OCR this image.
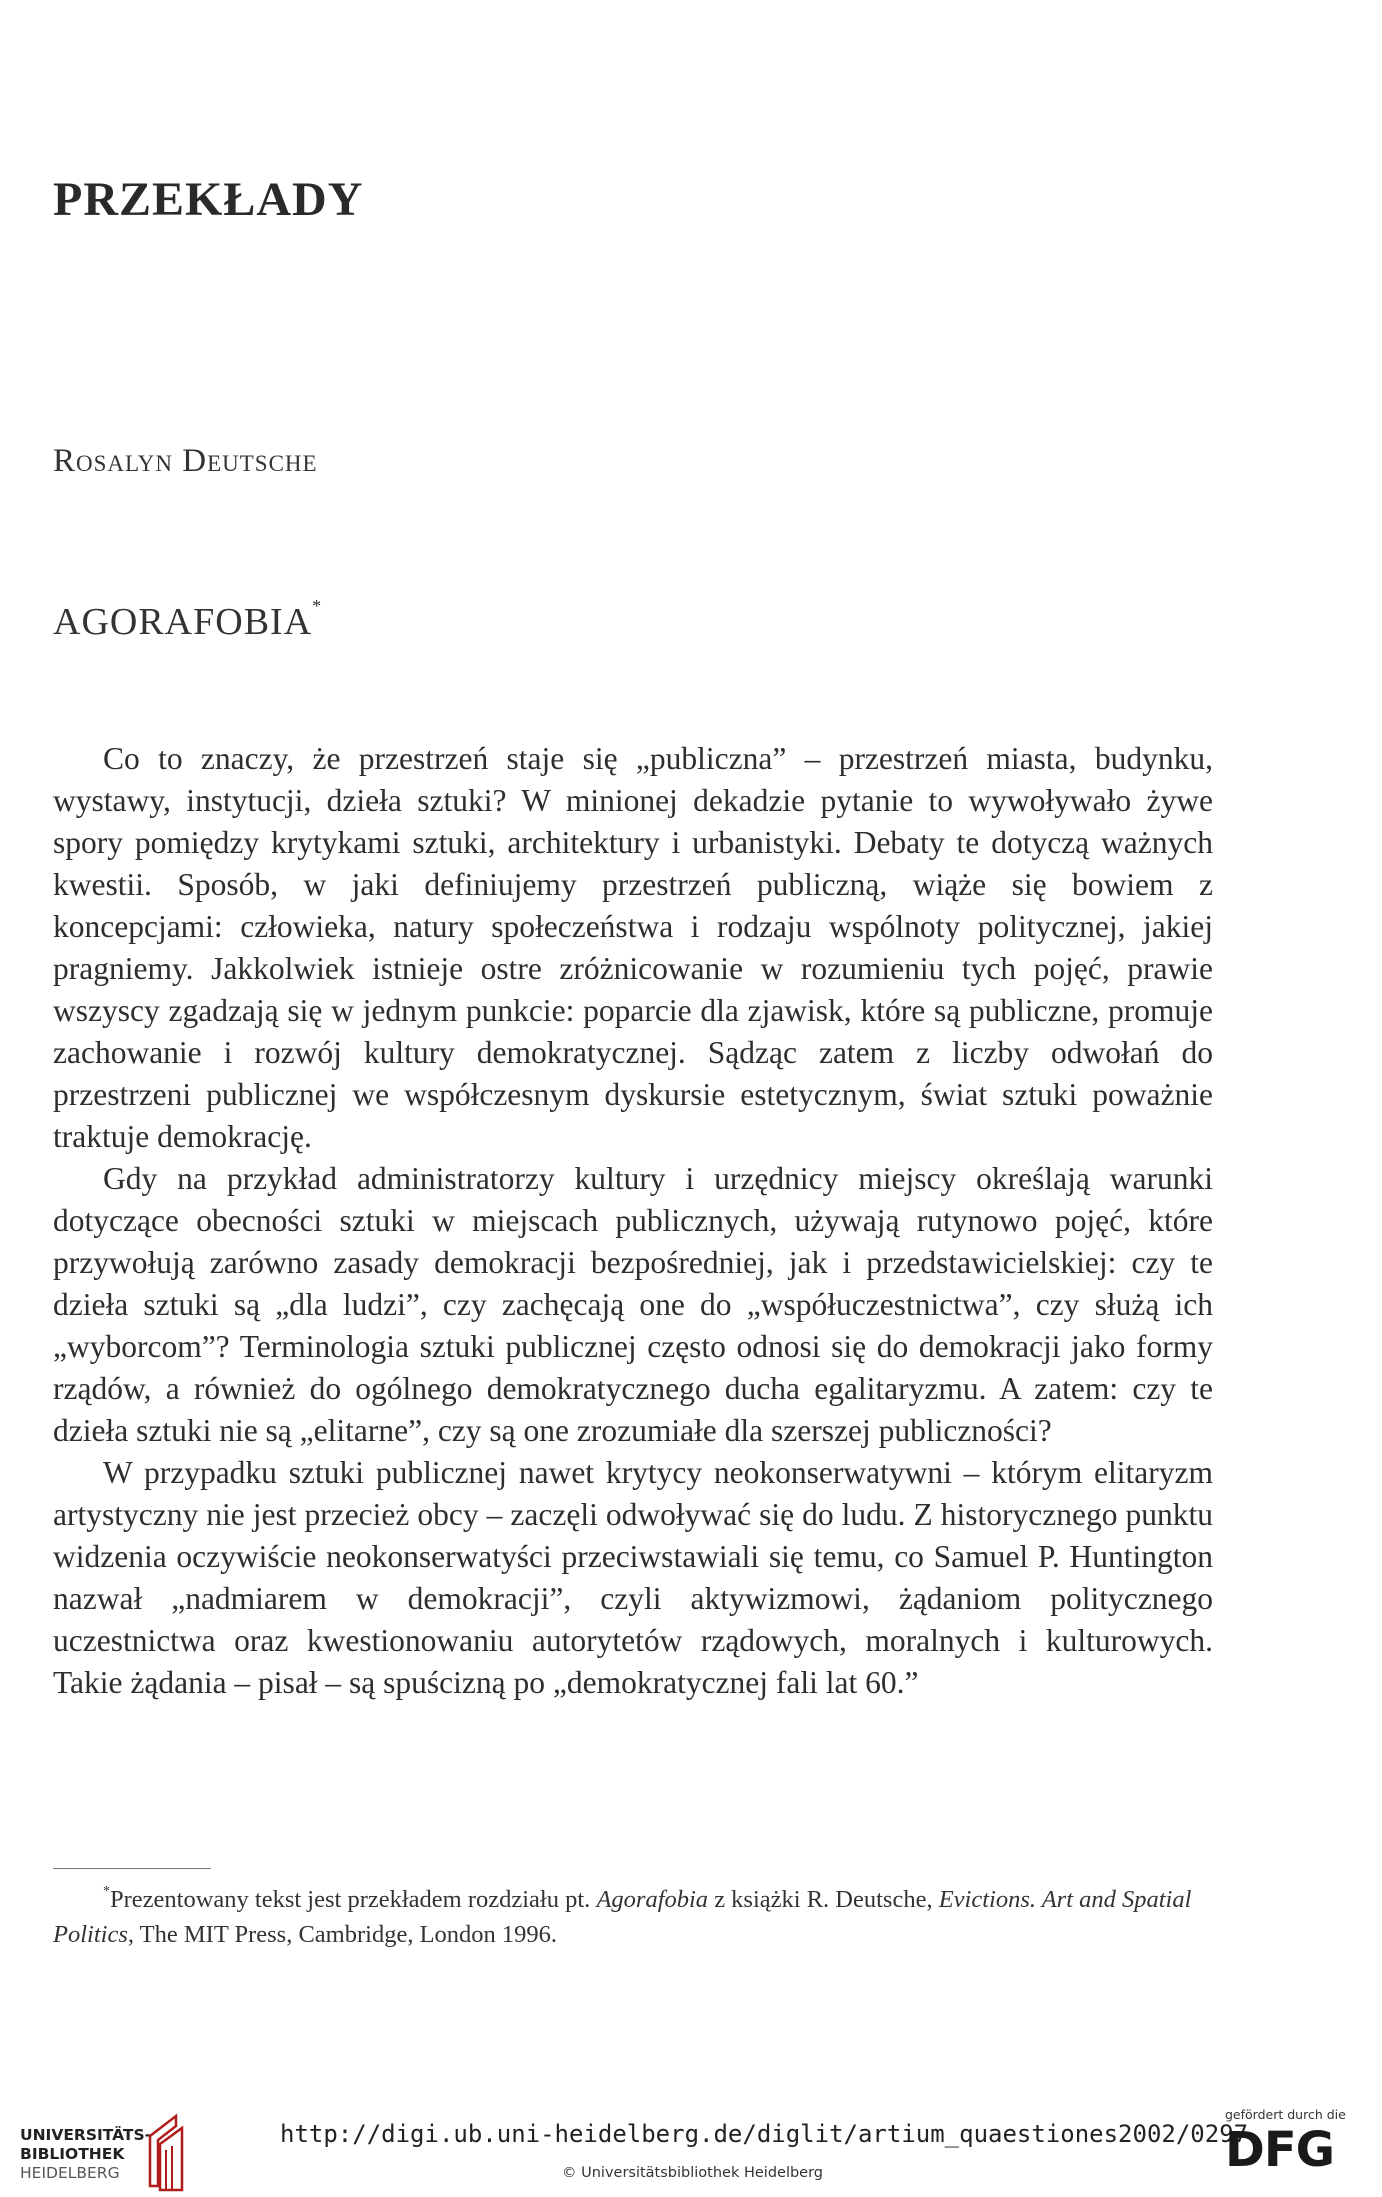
PRZEKŁADY
Rosalyn Deutsche
AGORAFOBIA*

Co to znaczy, że przestrzeń staje się „publiczna” – przestrzeń miasta, budynku, wystawy, instytucji, dzieła sztuki? W minionej dekadzie pytanie to wywoływało żywe spory pomiędzy krytykami sztuki, architektury i urbanistyki. Debaty te dotyczą ważnych kwestii. Sposób, w jaki definiujemy przestrzeń publiczną, wiąże się bowiem z koncepcjami: człowieka, natury społeczeństwa i rodzaju wspólnoty politycznej, jakiej pragniemy. Jakkolwiek istnieje ostre zróżnicowanie w rozumieniu tych pojęć, prawie wszyscy zgadzają się w jednym punkcie: poparcie dla zjawisk, które są publiczne, promuje zachowanie i rozwój kultury demokratycznej. Sądząc zatem z liczby odwołań do przestrzeni publicznej we współczesnym dyskursie estetycznym, świat sztuki poważnie traktuje demokrację.

Gdy na przykład administratorzy kultury i urzędnicy miejscy określają warunki dotyczące obecności sztuki w miejscach publicznych, używają rutynowo pojęć, które przywołują zarówno zasady demokracji bezpośredniej, jak i przedstawicielskiej: czy te dzieła sztuki są „dla ludzi”, czy zachęcają one do „współuczestnictwa”, czy służą ich „wyborcom”? Terminologia sztuki publicznej często odnosi się do demokracji jako formy rządów, a również do ogólnego demokratycznego ducha egalitaryzmu. A zatem: czy te dzieła sztuki nie są „elitarne”, czy są one zrozumiałe dla szerszej publiczności?

W przypadku sztuki publicznej nawet krytycy neokonserwatywni – którym elitaryzm artystyczny nie jest przecież obcy – zaczęli odwoływać się do ludu. Z historycznego punktu widzenia oczywiście neokonserwatyści przeciwstawiali się temu, co Samuel P. Huntington nazwał „nadmiarem w demokracji”, czyli aktywizmowi, żądaniom politycznego uczestnictwa oraz kwestionowaniu autorytetów rządowych, moralnych i kulturowych. Takie żądania – pisał – są spuścizną po „demokratycznej fali lat 60.”

*Prezentowany tekst jest przekładem rozdziału pt. Agorafobia z książki R. Deutsche, Evictions. Art and Spatial Politics, The MIT Press, Cambridge, London 1996.
UNIVERSITÄTS-
BIBLIOTHEK
HEIDELBERG
http://digi.ub.uni-heidelberg.de/diglit/artium_quaestiones2002/0297
© Universitätsbibliothek Heidelberg
gefördert durch die
DFG
